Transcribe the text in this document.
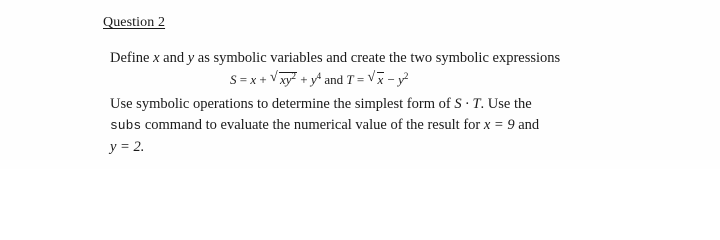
Question 2
Define x and y as symbolic variables and create the two symbolic expressions
S = x + √ $xy^2 + y^4$ and T = √ $x - y^2$
Use symbolic operations to determine the simplest form of S · T. Use the
subs command to evaluate the numerical value of the result for x = 9 and
y = 2.
